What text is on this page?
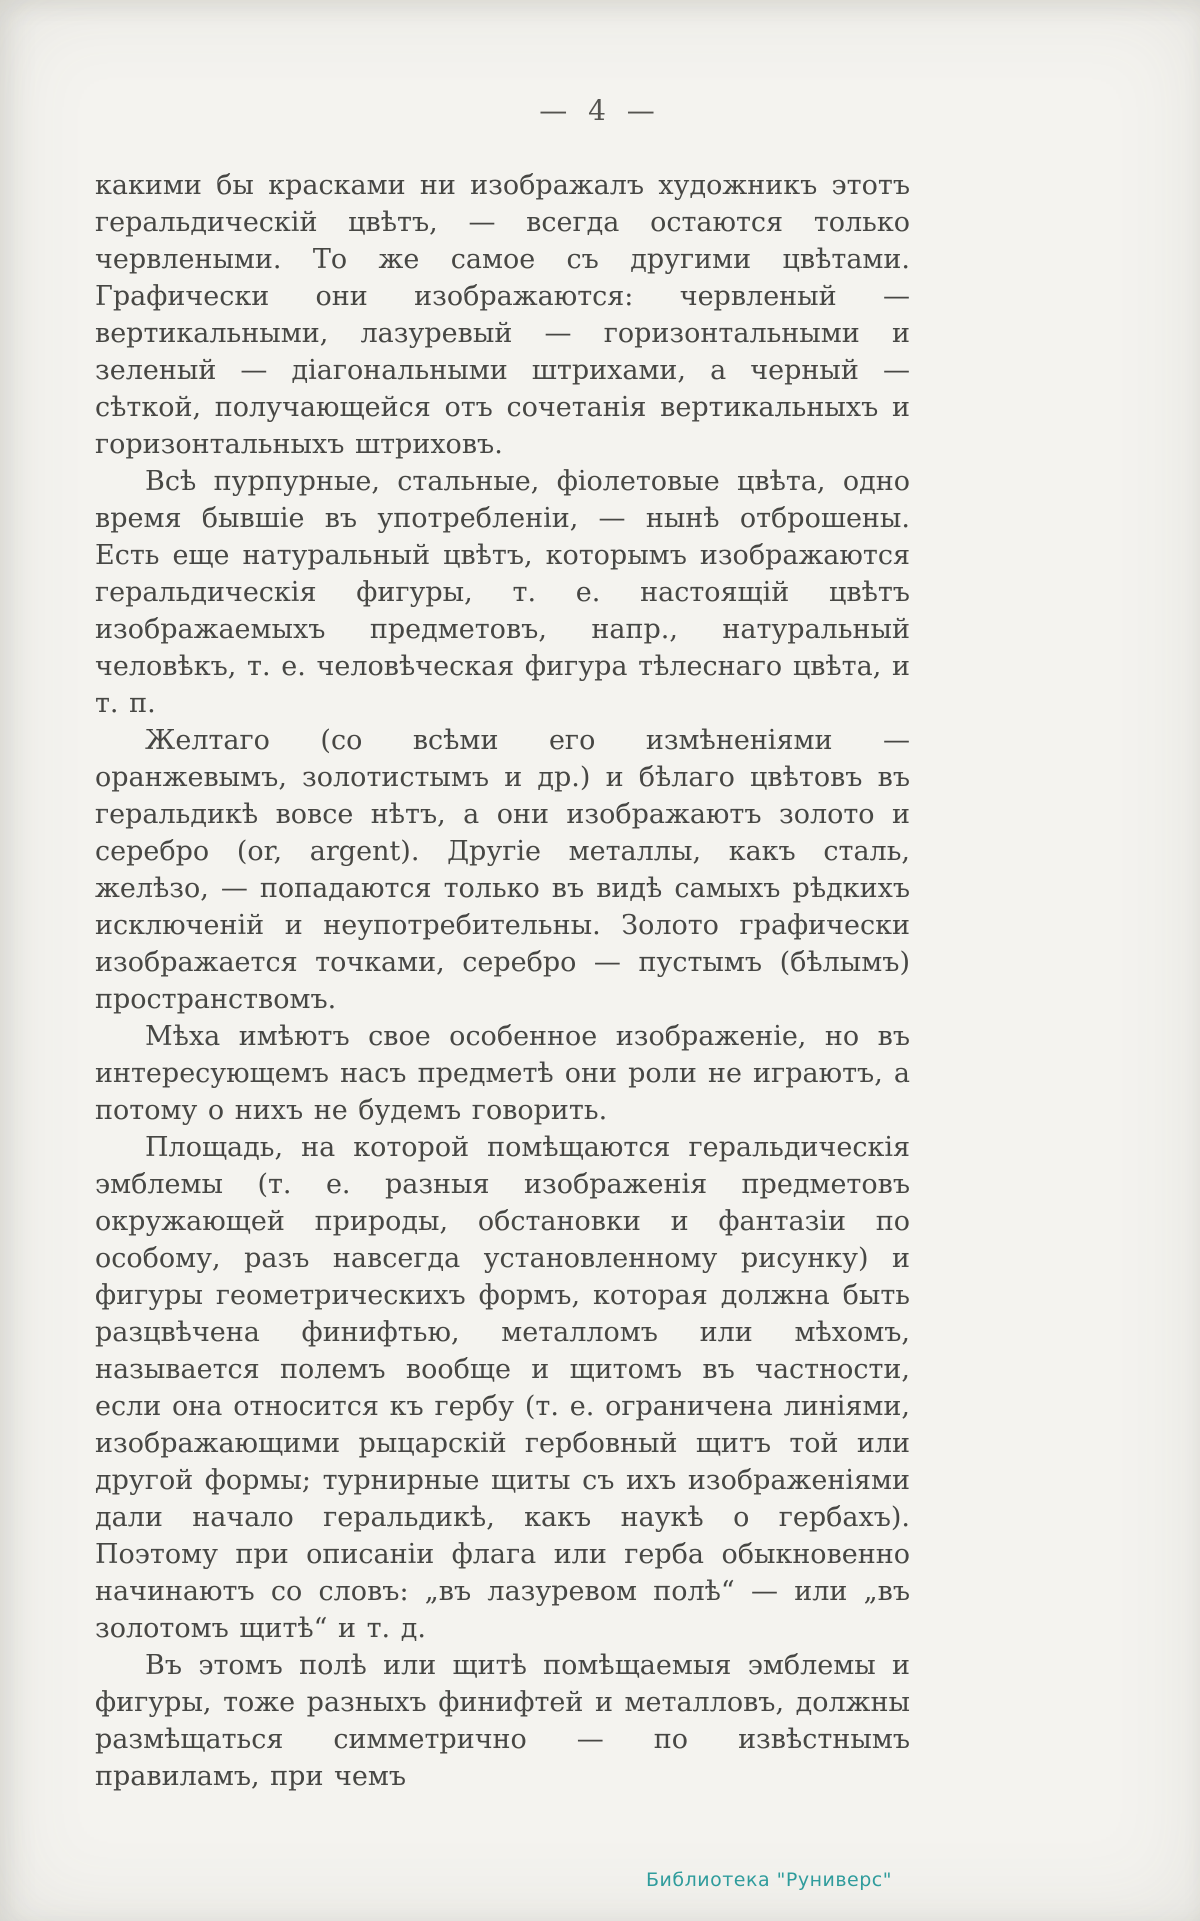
— 4 —

какими бы красками ни изображалъ художникъ этотъ геральдическій цвѣтъ, — всегда остаются только червлеными. То же самое съ другими цвѣтами. Графически они изображаются: червленый — вертикальными, лазуревый — горизонтальными и зеленый — діагональными штрихами, а черный — сѣткой, получающейся отъ сочетанія вертикальныхъ и горизонтальныхъ штриховъ.

Всѣ пурпурные, стальные, фіолетовые цвѣта, одно время бывшіе въ употребленіи, — нынѣ отброшены. Есть еще натуральный цвѣтъ, которымъ изображаются геральдическія фигуры, т. е. настоящій цвѣтъ изображаемыхъ предметовъ, напр., натуральный человѣкъ, т. е. человѣческая фигура тѣлеснаго цвѣта, и т. п.

Желтаго (со всѣми его измѣненіями — оранжевымъ, золотистымъ и др.) и бѣлаго цвѣтовъ въ геральдикѣ вовсе нѣтъ, а они изображаютъ золото и серебро (or, argent). Другіе металлы, какъ сталь, желѣзо, — попадаются только въ видѣ самыхъ рѣдкихъ исключеній и неупотребительны. Золото графически изображается точками, серебро — пустымъ (бѣлымъ) пространствомъ.

Мѣха имѣютъ свое особенное изображеніе, но въ интересующемъ насъ предметѣ они роли не играютъ, а потому о нихъ не будемъ говорить.

Площадь, на которой помѣщаются геральдическія эмблемы (т. е. разныя изображенія предметовъ окружающей природы, обстановки и фантазіи по особому, разъ навсегда установленному рисунку) и фигуры геометрическихъ формъ, которая должна быть разцвѣчена финифтью, металломъ или мѣхомъ, называется полемъ вообще и щитомъ въ частности, если она относится къ гербу (т. е. ограничена линіями, изображающими рыцарскій гербовный щитъ той или другой формы; турнирные щиты съ ихъ изображеніями дали начало геральдикѣ, какъ наукѣ о гербахъ). Поэтому при описаніи флага или герба обыкновенно начинаютъ со словъ: „въ лазуревом полѣ“ — или „въ золотомъ щитѣ“ и т. д.

Въ этомъ полѣ или щитѣ помѣщаемыя эмблемы и фигуры, тоже разныхъ финифтей и металловъ, должны размѣщаться симметрично — по извѣстнымъ правиламъ, при чемъ

Библиотека "Руниверс"
